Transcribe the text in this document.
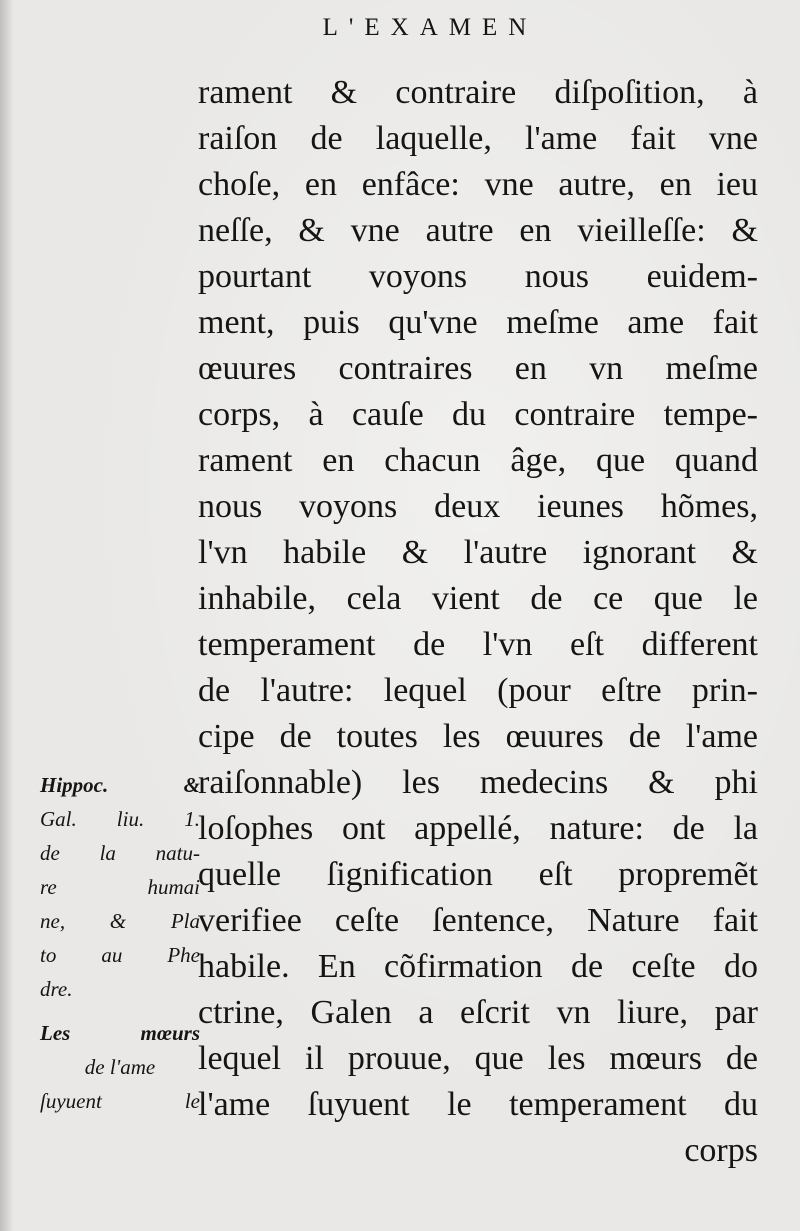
L'EXAMEN
rament & contraire diſpoſition, à
raiſon de laquelle, l'ame fait vne
choſe, en enfâce: vne autre, en ieu
neſſe, & vne autre en vieilleſſe: &
pourtant voyons nous euidem-
ment, puis qu'vne meſme ame fait
œuures contraires en vn meſme
corps, à cauſe du contraire tempe-
rament en chacun âge, que quand
nous voyons deux ieunes hõmes,
l'vn habile & l'autre ignorant &
inhabile, cela vient de ce que le
temperament de l'vn eſt different
de l'autre: lequel (pour eſtre prin-
cipe de toutes les œuures de l'ame
raiſonnable) les medecins & phi
loſophes ont appellé, nature: de la
quelle ſignification eſt propremẽt
verifiee ceſte ſentence, Nature fait
habile. En cõfirmation de ceſte do
ctrine, Galen a eſcrit vn liure, par
lequel il prouue, que les mœurs de
l'ame ſuyuent le temperament du
corps
Hippoc. &
Gal. liu. 1.
de la natu-
re humai
ne, & Pla
to au Phe
dre.
Les mœurs
de l'ame
ſuyuent le
